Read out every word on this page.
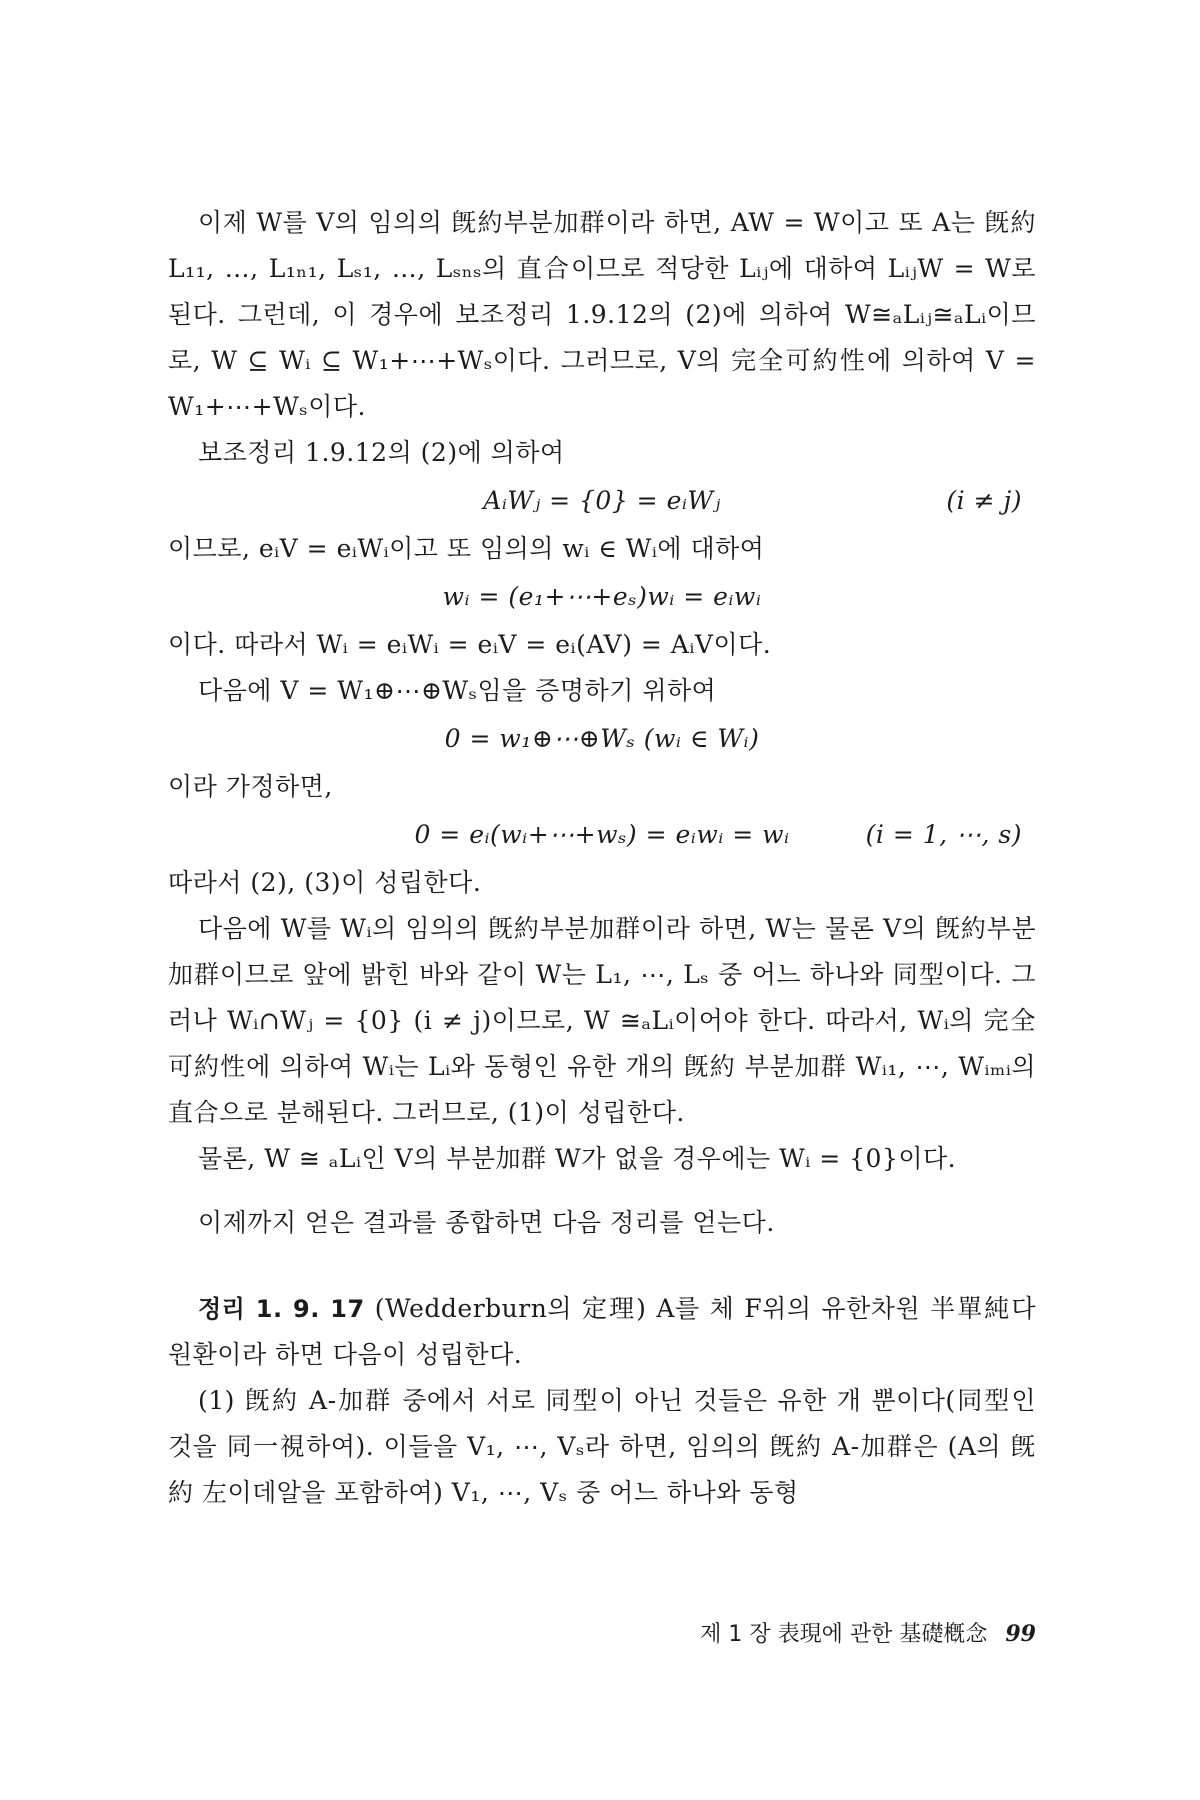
이제 W를 V의 임의의 旣約부분加群이라 하면, AW = W이고 또 A는 旣約 L₁₁, …, L₁ₙ₁, Lₛ₁, …, Lₛₙₛ의 直合이므로 적당한 Lᵢⱼ에 대하여 LᵢⱼW = W로 된다. 그런데, 이 경우에 보조정리 1.9.12의 (2)에 의하여 W≅ₐLᵢⱼ≅ₐLᵢ이므로, W ⊆ Wᵢ ⊆ W₁+⋯+Wₛ이다. 그러므로, V의 完全可約性에 의하여 V = W₁+⋯+Wₛ이다.

보조정리 1.9.12의 (2)에 의하여

AᵢWⱼ = {0} = eᵢWⱼ	(i ≠ j)

이므로, eᵢV = eᵢWᵢ이고 또 임의의 wᵢ ∈ Wᵢ에 대하여

wᵢ = (e₁+⋯+eₛ)wᵢ = eᵢwᵢ

이다. 따라서 Wᵢ = eᵢWᵢ = eᵢV = eᵢ(AV) = AᵢV이다.

다음에 V = W₁⊕⋯⊕Wₛ임을 증명하기 위하여

0 = w₁⊕⋯⊕Wₛ (wᵢ ∈ Wᵢ)

이라 가정하면,

0 = eᵢ(wᵢ+⋯+wₛ) = eᵢwᵢ = wᵢ	(i = 1, ⋯, s)

따라서 (2), (3)이 성립한다.

다음에 W를 Wᵢ의 임의의 旣約부분加群이라 하면, W는 물론 V의 旣約부분加群이므로 앞에 밝힌 바와 같이 W는 L₁, ⋯, Lₛ 중 어느 하나와 同型이다. 그러나 Wᵢ∩Wⱼ = {0} (i ≠ j)이므로, W ≅ₐLᵢ이어야 한다. 따라서, Wᵢ의 完全可約性에 의하여 Wᵢ는 Lᵢ와 동형인 유한 개의 旣約 부분加群 Wᵢ₁, ⋯, Wᵢₘᵢ의 直合으로 분해된다. 그러므로, (1)이 성립한다.

물론, W ≅ ₐLᵢ인 V의 부분加群 W가 없을 경우에는 Wᵢ = {0}이다.

이제까지 얻은 결과를 종합하면 다음 정리를 얻는다.

정리 1. 9. 17 (Wedderburn의 定理) A를 체 F위의 유한차원 半單純다원환이라 하면 다음이 성립한다.

(1) 旣約 A-加群 중에서 서로 同型이 아닌 것들은 유한 개 뿐이다(同型인 것을 同一視하여). 이들을 V₁, ⋯, Vₛ라 하면, 임의의 旣約 A-加群은 (A의 旣約 左이데알을 포함하여) V₁, ⋯, Vₛ 중 어느 하나와 동형

제 1 장 表現에 관한 基礎槪念 99
